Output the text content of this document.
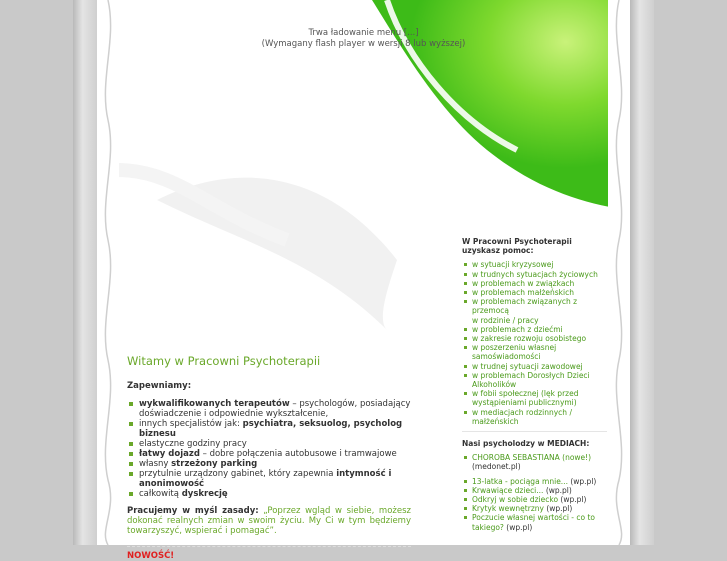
Trwa ładowanie menu [...]
(Wymagany flash player w wersji 8 lub wyższej)
Witamy w Pracowni Psychoterapii
Zapewniamy:
wykwalifikowanych terapeutów – psychologów, posiadający doświadczenie i odpowiednie wykształcenie,
innych specjalistów jak: psychiatra, seksuolog, psycholog biznesu
elastyczne godziny pracy
łatwy dojazd – dobre połączenia autobusowe i tramwajowe
własny strzeżony parking
przytulnie urządzony gabinet, który zapewnia intymność i anonimowość
całkowitą dyskrecję
Pracujemy w myśl zasady: „Poprzez wgląd w siebie, możesz dokonać realnych zmian w swoim życiu. My Ci w tym będziemy towarzyszyć, wspierać i pomagać”.
NOWOŚĆ!
W Pracowni Psychoterapii uzyskasz pomoc:
w sytuacji kryzysowej
w trudnych sytuacjach życiowych
w problemach w związkach
w problemach małżeńskich
w problemach związanych z przemocą
w rodzinie / pracy
w problemach z dziećmi
w zakresie rozwoju osobistego
w poszerzeniu własnej samoświadomości
w trudnej sytuacji zawodowej
w problemach Dorosłych Dzieci Alkoholików
w fobii społecznej (lęk przed wystąpieniami publicznymi)
w mediacjach rodzinnych / małżeńskich
Nasi psycholodzy w MEDIACH:
CHOROBA SEBASTIANA (nowe!) (medonet.pl)
13-latka - pociąga mnie... (wp.pl)
Krwawiące dzieci... (wp.pl)
Odkryj w sobie dziecko (wp.pl)
Krytyk wewnętrzny (wp.pl)
Poczucie własnej wartości - co to takiego? (wp.pl)
